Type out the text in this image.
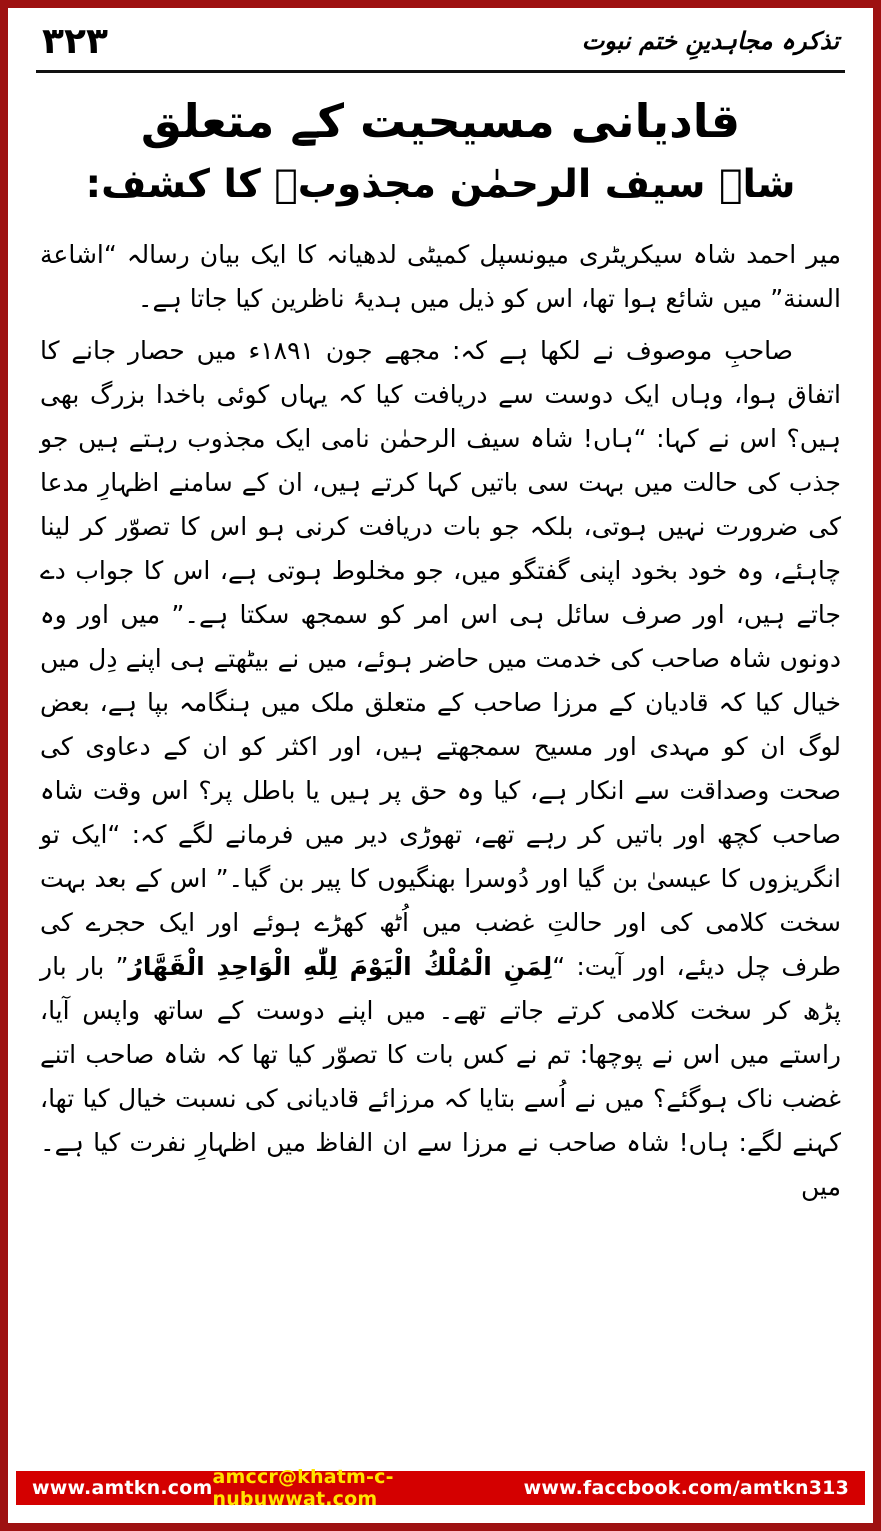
۳۲۳	تذکرہ مجاہدینِ ختم نبوت
قادیانی مسیحیت کے متعلق
شاہ سیف الرحمٰن مجذوبؒ کا کشف:

میر احمد شاہ سیکریٹری میونسپل کمیٹی لدھیانہ کا ایک بیان رسالہ “اشاعة السنة” میں شائع ہوا تھا، اس کو ذیل میں ہدیۂ ناظرین کیا جاتا ہے۔

صاحبِ موصوف نے لکھا ہے کہ: مجھے جون ۱۸۹۱ء میں حصار جانے کا اتفاق ہوا، وہاں ایک دوست سے دریافت کیا کہ یہاں کوئی باخدا بزرگ بھی ہیں؟ اس نے کہا: “ہاں! شاہ سیف الرحمٰن نامی ایک مجذوب رہتے ہیں جو جذب کی حالت میں بہت سی باتیں کہا کرتے ہیں، ان کے سامنے اظہارِ مدعا کی ضرورت نہیں ہوتی، بلکہ جو بات دریافت کرنی ہو اس کا تصوّر کر لینا چاہئے، وہ خود بخود اپنی گفتگو میں، جو مخلوط ہوتی ہے، اس کا جواب دے جاتے ہیں، اور صرف سائل ہی اس امر کو سمجھ سکتا ہے۔” میں اور وہ دونوں شاہ صاحب کی خدمت میں حاضر ہوئے، میں نے بیٹھتے ہی اپنے دِل میں خیال کیا کہ قادیان کے مرزا صاحب کے متعلق ملک میں ہنگامہ بپا ہے، بعض لوگ ان کو مہدی اور مسیح سمجھتے ہیں، اور اکثر کو ان کے دعاوی کی صحت وصداقت سے انکار ہے، کیا وہ حق پر ہیں یا باطل پر؟ اس وقت شاہ صاحب کچھ اور باتیں کر رہے تھے، تھوڑی دیر میں فرمانے لگے کہ: “ایک تو انگریزوں کا عیسیٰ بن گیا اور دُوسرا بھنگیوں کا پیر بن گیا۔” اس کے بعد بہت سخت کلامی کی اور حالتِ غضب میں اُٹھ کھڑے ہوئے اور ایک حجرے کی طرف چل دیئے، اور آیت: “لِمَنِ الْمُلْكُ الْيَوْمَ لِلّٰهِ الْوَاحِدِ الْقَهَّارُ” بار بار پڑھ کر سخت کلامی کرتے جاتے تھے۔ میں اپنے دوست کے ساتھ واپس آیا، راستے میں اس نے پوچھا: تم نے کس بات کا تصوّر کیا تھا کہ شاہ صاحب اتنے غضب ناک ہوگئے؟ میں نے اُسے بتایا کہ مرزائے قادیانی کی نسبت خیال کیا تھا، کہنے لگے: ہاں! شاہ صاحب نے مرزا سے ان الفاظ میں اظہارِ نفرت کیا ہے۔ میں

www.amtkn.com amccr@khatm-c-nubuwwat.com	www.faccbook.com/amtkn313
